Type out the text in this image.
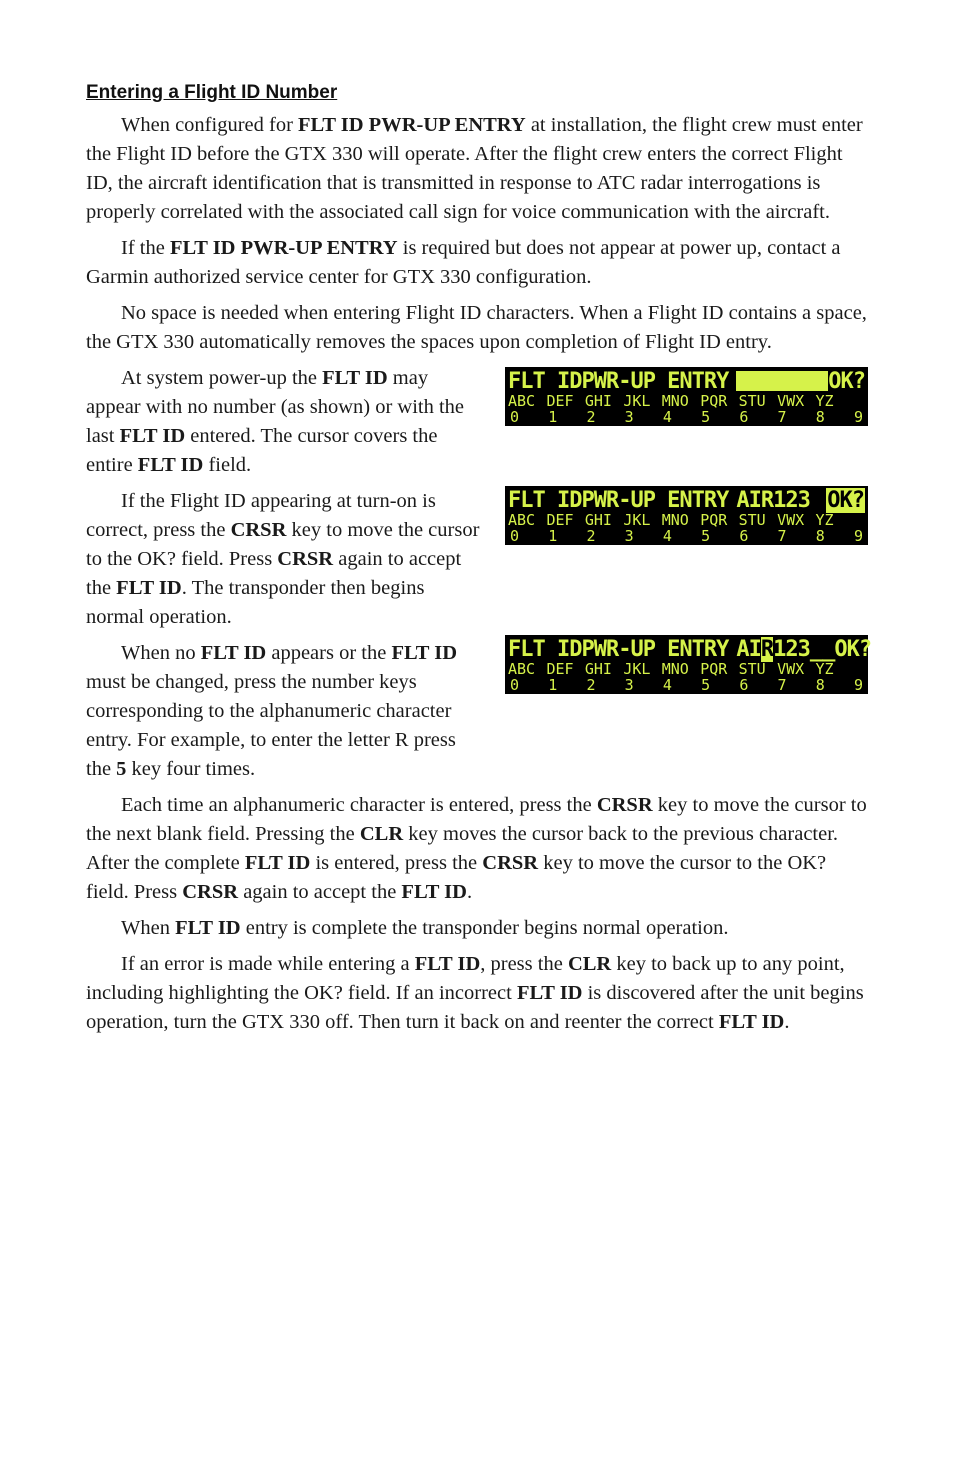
Entering a Flight ID Number

When configured for FLT ID PWR-UP ENTRY at installation, the flight crew must enter the Flight ID before the GTX 330 will operate. After the flight crew enters the correct Flight ID, the aircraft identification that is transmitted in response to ATC radar interrogations is properly correlated with the associated call sign for voice communication with the aircraft.

If the FLT ID PWR-UP ENTRY is required but does not appear at power up, contact a Garmin authorized service center for GTX 330 configuration.

No space is needed when entering Flight ID characters. When a Flight ID contains a space, the GTX 330 automatically removes the spaces upon completion of Flight ID entry.

FLT IDPWR-UP ENTRY	OK?
ABC DEF GHI JKL MNO PQR STU VWX YZ
0 1 2 3 4 5 6 7 8 9
FLT IDPWR-UP ENTRY AIR123 OK?
ABC DEF GHI JKL MNO PQR STU VWX YZ
0 1 2 3 4 5 6 7 8 9
FLT IDPWR-UP ENTRY AI R 123__ OK?
ABC DEF GHI JKL MNO PQR STU VWX YZ
0 1 2 3 4 5 6 7 8 9

At system power-up the FLT ID may appear with no number (as shown) or with the last FLT ID entered. The cursor covers the entire FLT ID field.

If the Flight ID appearing at turn-on is correct, press the CRSR key to move the cursor to the OK? field. Press CRSR again to accept the FLT ID. The transponder then begins normal operation.

When no FLT ID appears or the FLT ID must be changed, press the number keys corresponding to the alphanumeric character entry. For example, to enter the letter R press the 5 key four times.

Each time an alphanumeric character is entered, press the CRSR key to move the cursor to the next blank field. Pressing the CLR key moves the cursor back to the previous character. After the complete FLT ID is entered, press the CRSR key to move the cursor to the OK? field. Press CRSR again to accept the FLT ID.

When FLT ID entry is complete the transponder begins normal operation.

If an error is made while entering a FLT ID, press the CLR key to back up to any point, including highlighting the OK? field. If an incorrect FLT ID is discovered after the unit begins operation, turn the GTX 330 off. Then turn it back on and reenter the correct FLT ID.
